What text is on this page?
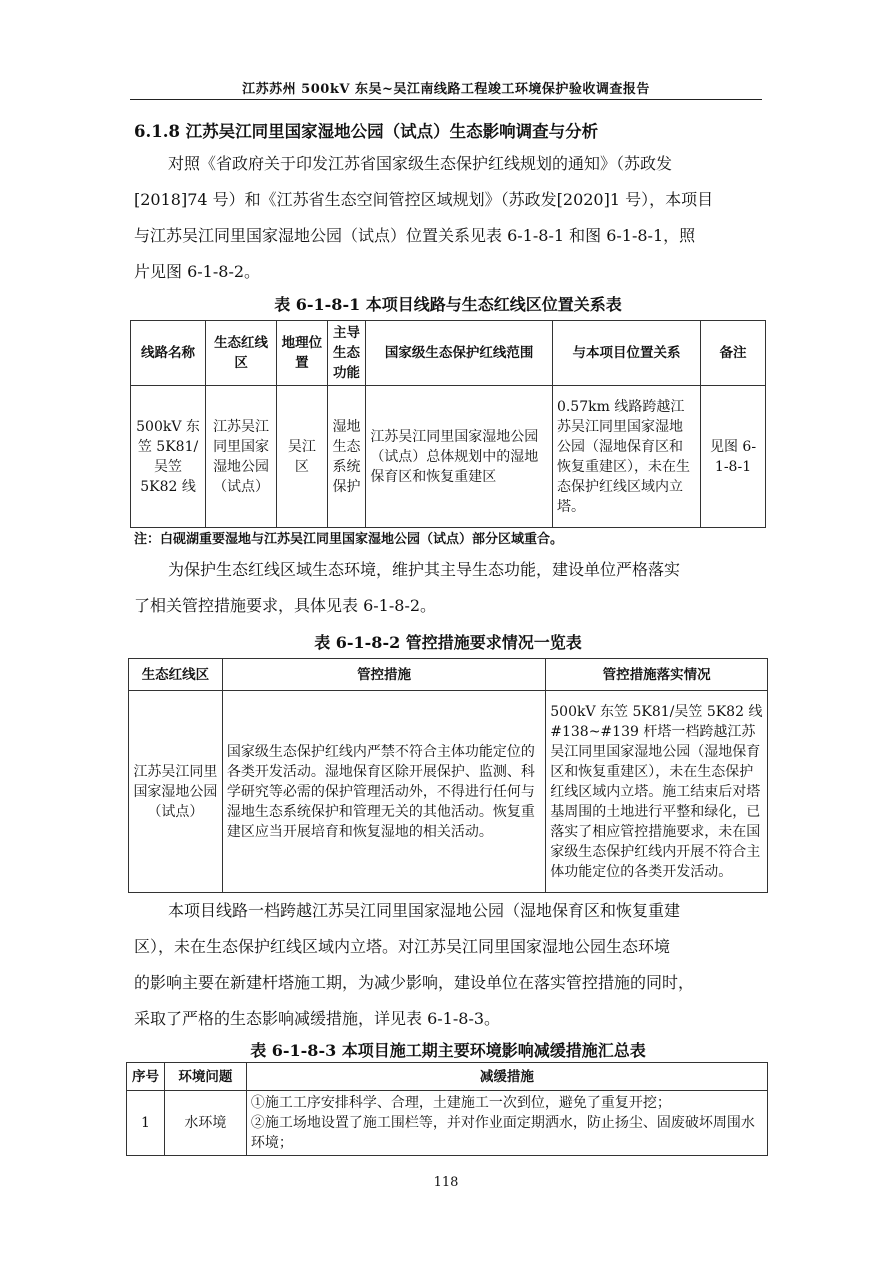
江苏苏州 500kV 东吴~吴江南线路工程竣工环境保护验收调查报告
6.1.8 江苏吴江同里国家湿地公园（试点）生态影响调查与分析
对照《省政府关于印发江苏省国家级生态保护红线规划的通知》（苏政发
[2018]74 号）和《江苏省生态空间管控区域规划》（苏政发[2020]1 号），本项目
与江苏吴江同里国家湿地公园（试点）位置关系见表 6-1-8-1 和图 6-1-8-1，照
片见图 6-1-8-2。
表 6-1-8-1 本项目线路与生态红线区位置关系表
线路名称	生态红线区	地理位置	主导生态功能	国家级生态保护红线范围	与本项目位置关系	备注
500kV 东笠 5K81/吴笠 5K82 线	江苏吴江同里国家湿地公园（试点）	吴江区	湿地生态系统保护	江苏吴江同里国家湿地公园（试点）总体规划中的湿地保育区和恢复重建区	0.57km 线路跨越江苏吴江同里国家湿地公园（湿地保育区和恢复重建区），未在生态保护红线区域内立塔。	见图 6-1-8-1
注：白砚湖重要湿地与江苏吴江同里国家湿地公园（试点）部分区域重合。
为保护生态红线区域生态环境，维护其主导生态功能，建设单位严格落实
了相关管控措施要求，具体见表 6-1-8-2。
表 6-1-8-2 管控措施要求情况一览表
生态红线区	管控措施	管控措施落实情况
江苏吴江同里国家湿地公园（试点）	国家级生态保护红线内严禁不符合主体功能定位的各类开发活动。湿地保育区除开展保护、监测、科学研究等必需的保护管理活动外，不得进行任何与湿地生态系统保护和管理无关的其他活动。恢复重建区应当开展培育和恢复湿地的相关活动。	500kV 东笠 5K81/吴笠 5K82 线#138~#139 杆塔一档跨越江苏吴江同里国家湿地公园（湿地保育区和恢复重建区），未在生态保护红线区域内立塔。施工结束后对塔基周围的土地进行平整和绿化，已落实了相应管控措施要求，未在国家级生态保护红线内开展不符合主体功能定位的各类开发活动。
本项目线路一档跨越江苏吴江同里国家湿地公园（湿地保育区和恢复重建
区），未在生态保护红线区域内立塔。对江苏吴江同里国家湿地公园生态环境
的影响主要在新建杆塔施工期，为减少影响，建设单位在落实管控措施的同时，
采取了严格的生态影响减缓措施，详见表 6-1-8-3。
表 6-1-8-3 本项目施工期主要环境影响减缓措施汇总表
序号	环境问题	减缓措施
1	水环境	①施工工序安排科学、合理，土建施工一次到位，避免了重复开挖；
②施工场地设置了施工围栏等，并对作业面定期洒水，防止扬尘、固废破坏周围水环境；
118
